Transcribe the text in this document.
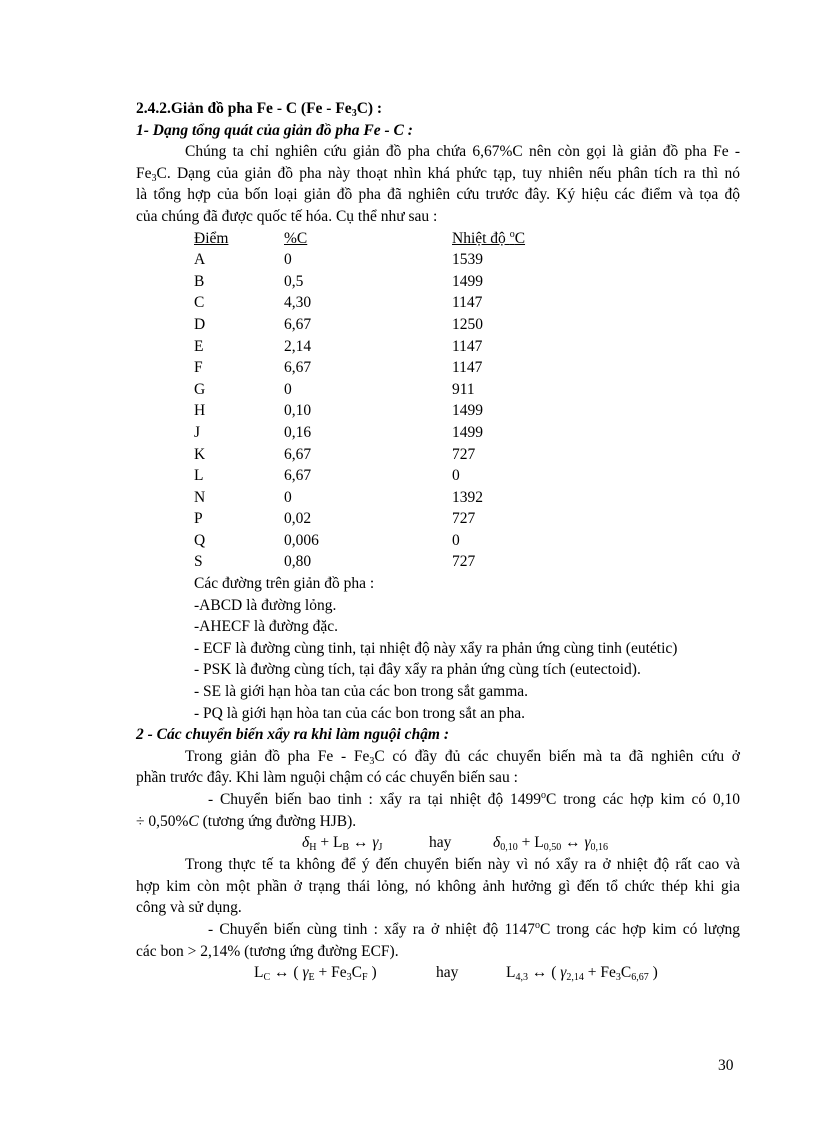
2.4.2.Giản đồ pha Fe - C $(Fe - Fe_3C)$ :
1- Dạng tổng quát của giản đồ pha Fe - C :
Chúng ta chỉ nghiên cứu giản đồ pha chứa 6,67%C nên còn gọi là giản đồ pha Fe -
$Fe_3C$. Dạng của giản đồ pha này thoạt nhìn khá phức tạp, tuy nhiên nếu phân tích ra thì nó
là tổng hợp của bốn loại giản đồ pha đã nghiên cứu trước đây. Ký hiệu các điểm và tọa độ
của chúng đã được quốc tế hóa. Cụ thể như sau :
Điểm	%C	Nhiệt độ $^o$C
A	0	1539
B	0,5	1499
C	4,30	1147
D	6,67	1250
E	2,14	1147
F	6,67	1147
G	0	911
H	0,10	1499
J	0,16	1499
K	6,67	727
L	6,67	0
N	0	1392
P	0,02	727
Q	0,006	0
S	0,80	727
Các đường trên giản đồ pha :
-ABCD là đường lỏng.
-AHECF là đường đặc.
- ECF là đường cùng tinh, tại nhiệt độ này xẩy ra phản ứng cùng tinh (eutétic)
- PSK là đường cùng tích, tại đây xẩy ra phản ứng cùng tích (eutectoid).
- SE là giới hạn hòa tan của các bon trong sắt gamma.
- PQ là giới hạn hòa tan của các bon trong sắt an pha.
2 - Các chuyển biến xẩy ra khi làm nguội chậm :
Trong giản đồ pha Fe - $Fe_3C$ có đầy đủ các chuyển biến mà ta đã nghiên cứu ở
phần trước đây. Khi làm nguội chậm có các chuyển biến sau :
- Chuyển biến bao tinh : xẩy ra tại nhiệt độ 1499$^o$C trong các hợp kim có 0,10
÷ 0,50%C (tương ứng đường HJB).
$\delta_H + L_B$ ↔ $\gamma_J$	hay	$\delta_{0,10} + L_{0,50}$ ↔ $\gamma_{0,16}$
Trong thực tế ta không để ý đến chuyển biến này vì nó xẩy ra ở nhiệt độ rất cao và
hợp kim còn một phần ở trạng thái lỏng, nó không ảnh hưởng gì đến tổ chức thép khi gia
công và sử dụng.
- Chuyển biến cùng tinh : xẩy ra ở nhiệt độ 1147$^o$C trong các hợp kim có lượng
các bon > 2,14% (tương ứng đường ECF).
$L_C$ ↔ ( $\gamma_E + Fe_3C_F$ )	hay	$L_{4,3}$ ↔ ( $\gamma_{2,14} + Fe_3C_{6,67}$ )
30
